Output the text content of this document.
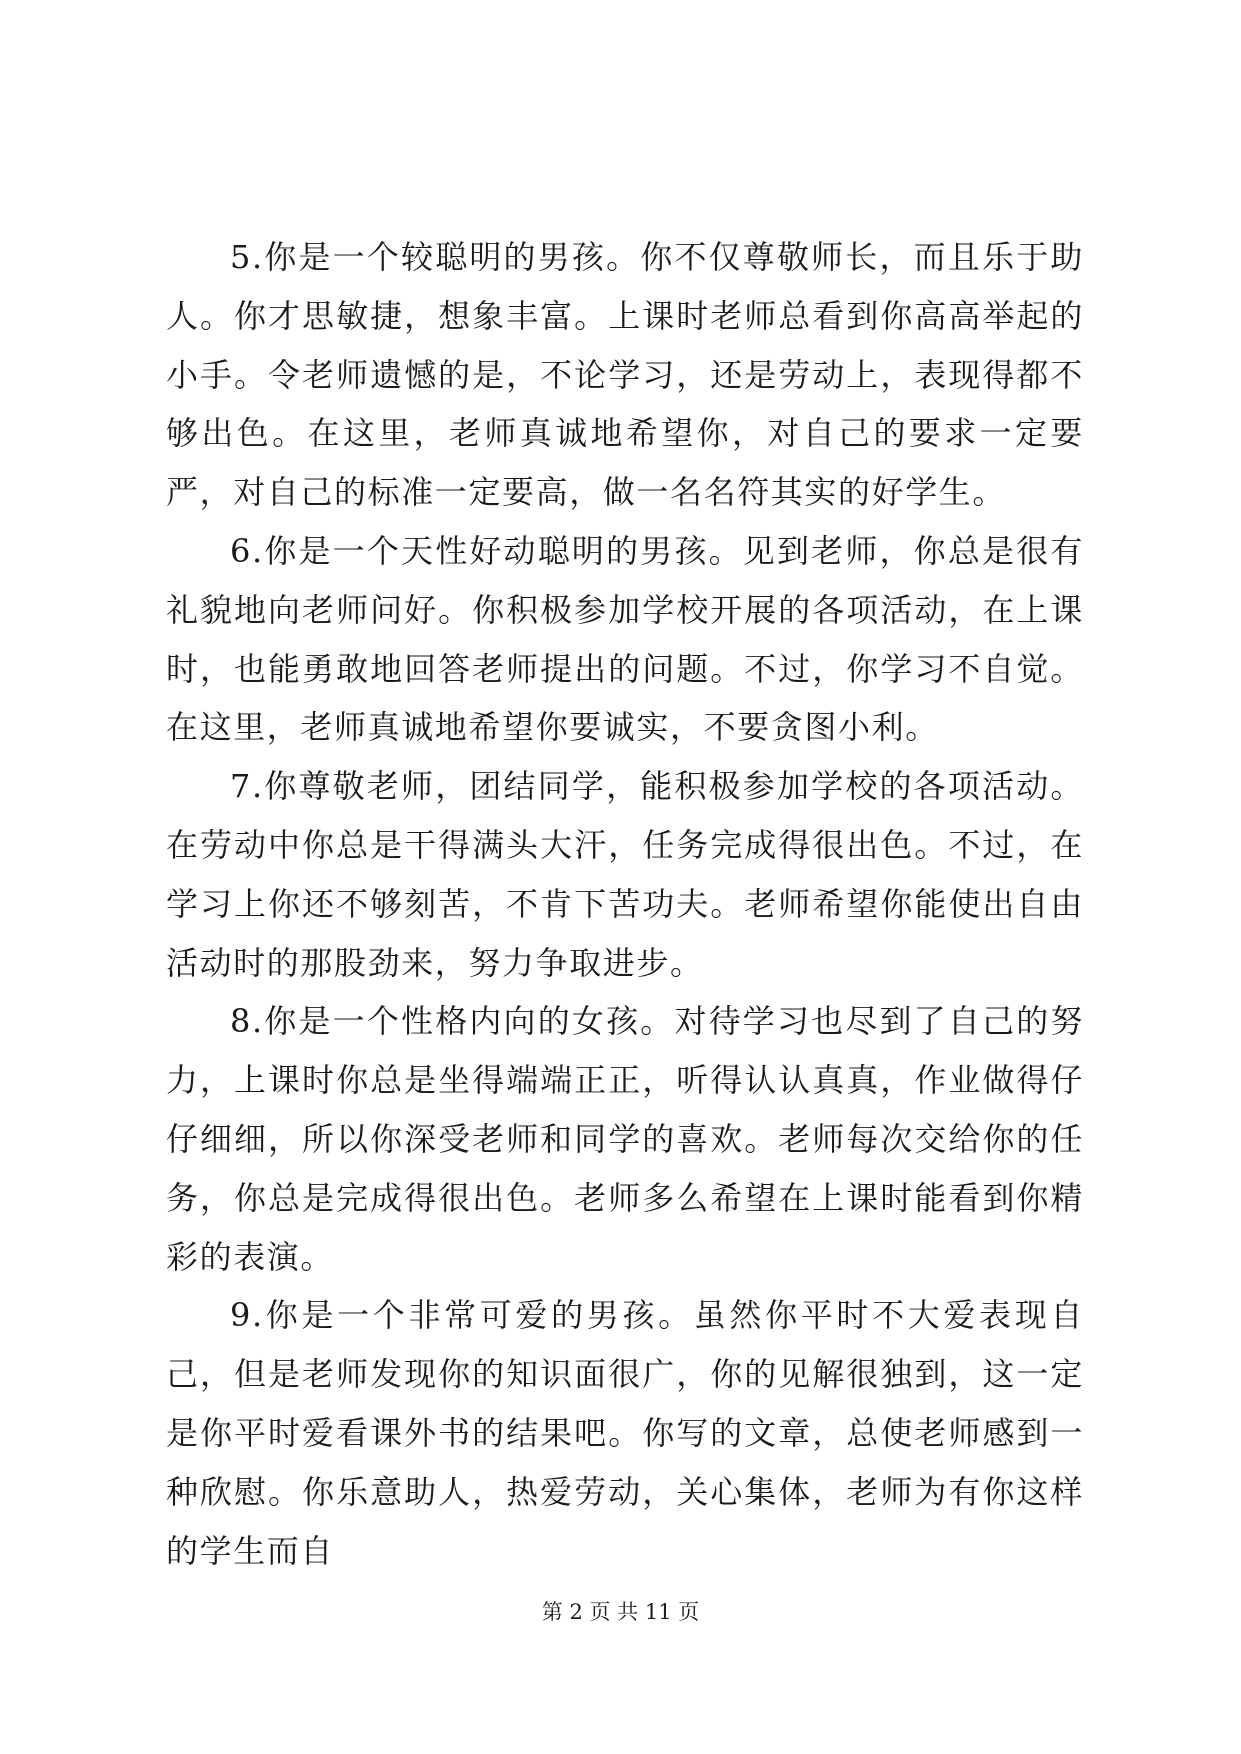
5.你是一个较聪明的男孩。你不仅尊敬师长，而且乐于助人。你才思敏捷，想象丰富。上课时老师总看到你高高举起的小手。令老师遗憾的是，不论学习，还是劳动上，表现得都不够出色。在这里，老师真诚地希望你，对自己的要求一定要严，对自己的标准一定要高，做一名名符其实的好学生。

6.你是一个天性好动聪明的男孩。见到老师，你总是很有礼貌地向老师问好。你积极参加学校开展的各项活动，在上课时，也能勇敢地回答老师提出的问题。不过，你学习不自觉。在这里，老师真诚地希望你要诚实，不要贪图小利。

7.你尊敬老师，团结同学，能积极参加学校的各项活动。在劳动中你总是干得满头大汗，任务完成得很出色。不过，在学习上你还不够刻苦，不肯下苦功夫。老师希望你能使出自由活动时的那股劲来，努力争取进步。

8.你是一个性格内向的女孩。对待学习也尽到了自己的努力，上课时你总是坐得端端正正，听得认认真真，作业做得仔仔细细，所以你深受老师和同学的喜欢。老师每次交给你的任务，你总是完成得很出色。老师多么希望在上课时能看到你精彩的表演。

9.你是一个非常可爱的男孩。虽然你平时不大爱表现自己，但是老师发现你的知识面很广，你的见解很独到，这一定是你平时爱看课外书的结果吧。你写的文章，总使老师感到一种欣慰。你乐意助人，热爱劳动，关心集体，老师为有你这样的学生而自

第 2 页 共 11 页
